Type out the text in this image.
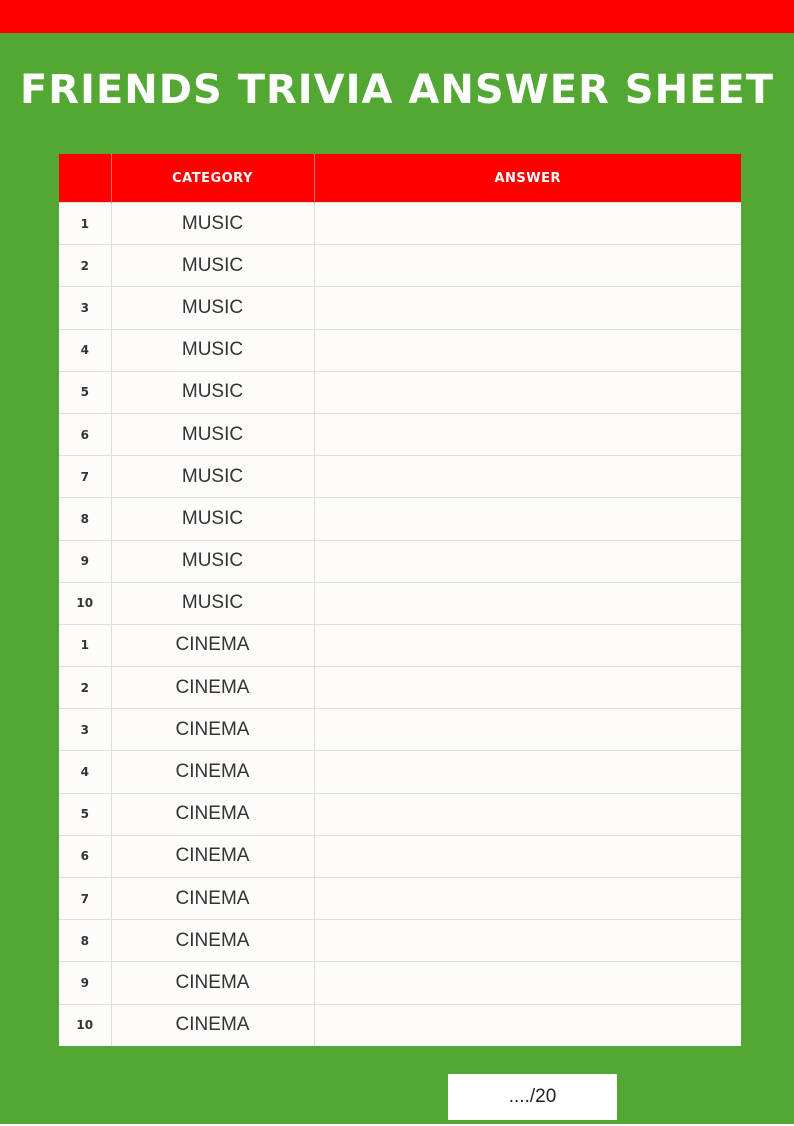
FRIENDS TRIVIA ANSWER SHEET
	CATEGORY	ANSWER
1	MUSIC	
2	MUSIC	
3	MUSIC	
4	MUSIC	
5	MUSIC	
6	MUSIC	
7	MUSIC	
8	MUSIC	
9	MUSIC	
10	MUSIC	
1	CINEMA	
2	CINEMA	
3	CINEMA	
4	CINEMA	
5	CINEMA	
6	CINEMA	
7	CINEMA	
8	CINEMA	
9	CINEMA	
10	CINEMA	
..../20
